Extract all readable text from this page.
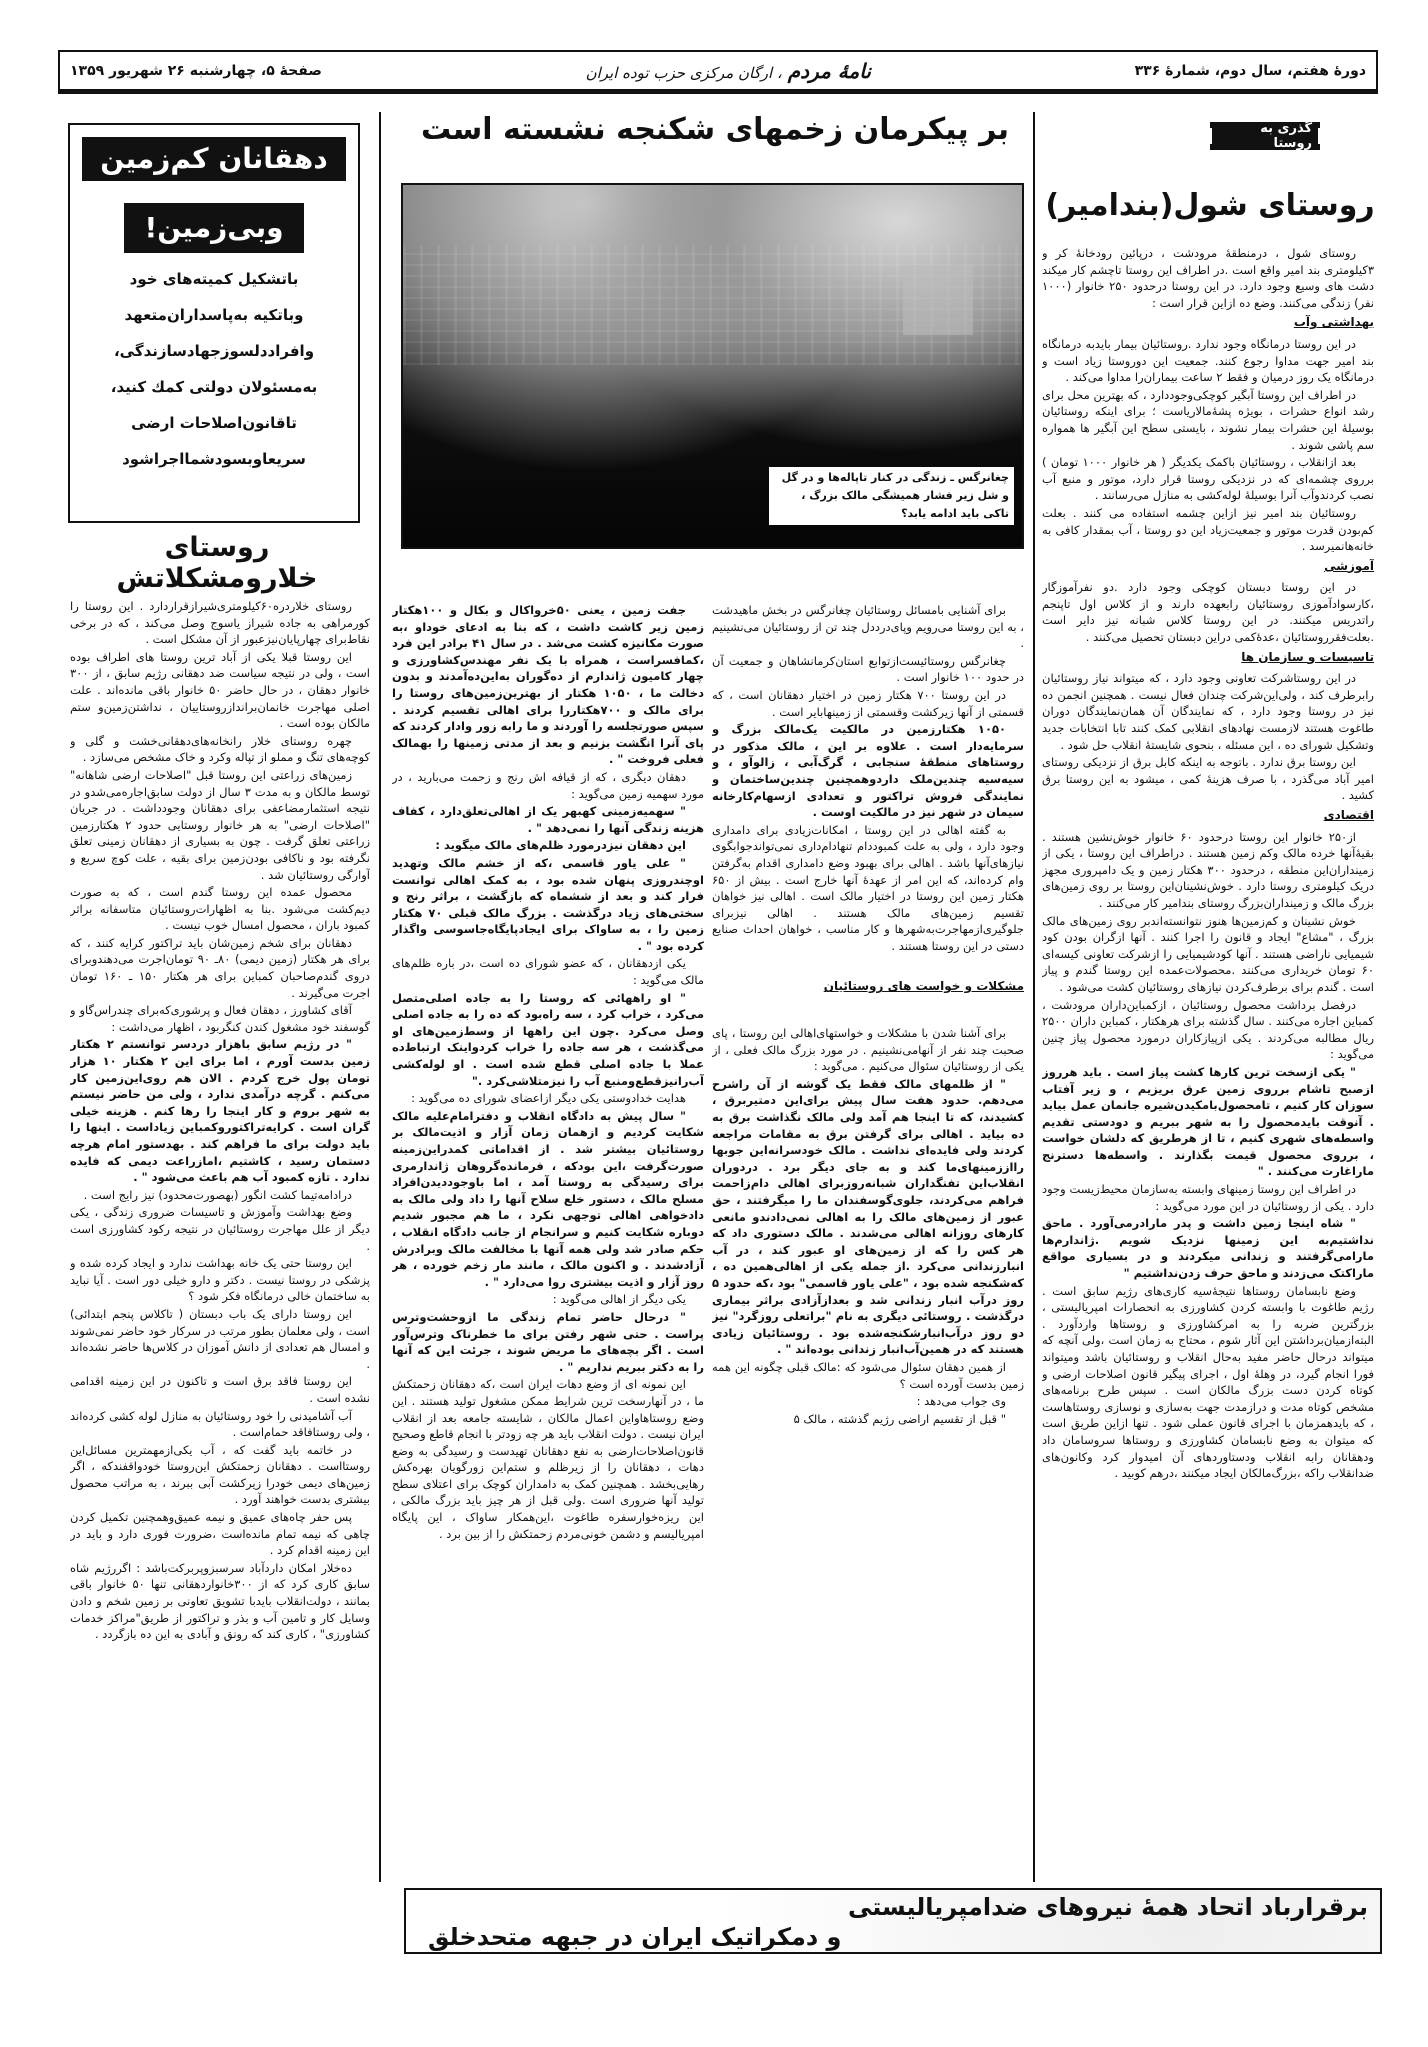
دورهٔ هفتم، سال دوم، شمارهٔ ۳۳۶
نامهٔ مردم
، ارگان مرکزی حزب توده ایران
صفحهٔ ۵، چهارشنبه ۲۶ شهریور ۱۳۵۹
گذری به روستا
روستای شول(بندامیر)

روستای شول ، درمنطقهٔ مرودشت ، درپائین رودخانهٔ کر و ۳کیلومتری بند امیر واقع است .در اطراف این روستا تاچشم کار میکند دشت های وسیع وجود دارد. در این روستا درحدود ۲۵۰ خانوار (۱۰۰۰ نفر) زندگی می‌کنند. وضع ده ازاین قرار است :

بهداشتی وآب

در این روستا درمانگاه وجود ندارد .روستائیان بیمار بایدبه درمانگاه بند امیر جهت مداوا رجوع کنند. جمعیت این دوروستا زیاد است و درمانگاه یک روز درمیان و فقط ۲ ساعت بیماران‌را مداوا می‌کند .

در اطراف این روستا آبگیر کوچکی‌وجوددارد ، که بهترین محل برای رشد انواع حشرات ، بویژه پشهٔ‌مالاریاست ؛ برای اینکه روستائیان بوسیلهٔ این حشرات بیمار نشوند ، بایستی سطح این آبگیر ها همواره سم پاشی شوند .

بعد ازانقلاب ، روستائیان باکمک یکدیگر ( هر خانوار ۱۰۰۰ تومان ) برروی چشمه‌ای که در نزدیکی روستا قرار دارد، موتور و منبع آب نصب کردندوآب آنرا بوسیلهٔ لوله‌کشی به منازل می‌رسانند .

روستائیان بند امیر نیز ازاین چشمه استفاده می کنند . بعلت کم‌بودن قدرت موتور و جمعیت‌زیاد این دو روستا ، آب بمقدار کافی به خانه‌هانمیرسد .

آموزشی

در این روستا دبستان کوچکی وجود دارد .دو نفرآموزگار ،کارسوادآموزی روستائیان رابعهده دارند و از کلاس اول تاپنجم راتدریس میکنند. در این روستا کلاس شبانه نیز دایر است .بعلت‌فقرروستائیان ،عدهٔ‌کمی دراین دبستان تحصیل می‌کنند .

تاسیسات و سازمان ها

در این روستاشرکت تعاونی وجود دارد ، که میتواند نیاز روستائیان رابرطرف کند ، ولی‌این‌شرکت چندان فعال نیست . همچنین انجمن ده نیز در روستا وجود دارد ، که نمایندگان آن همان‌نمایندگان دوران طاغوت هستند لازمست نهادهای انقلابی کمک کنند تابا انتخابات جدید وتشکیل شورای ده ، این مسئله ، بنحوی شایستهٔ انقلاب حل شود .

این روستا برق ندارد . باتوجه به اینکه کابل برق از نزدیکی روستای امیر آباد می‌گذرد ، با صرف هزینهٔ کمی ، میشود به این روستا برق کشید .

اقتصادی

از۲۵۰ خانوار این روستا درحدود ۶۰ خانوار خوش‌نشین هستند . بقیهٔ‌آنها خرده مالک وکم زمین هستند . دراطراف این روستا ، یکی از زمینداران‌این منطقه ، درحدود ۳۰۰ هکتار زمین و یک دامپروری مجهز دریک کیلومتری روستا دارد . خوش‌نشینان‌این روستا بر روی زمین‌های بزرگ مالک و زمینداران‌بزرگ روستای بندامیر کار می‌کنند .

خوش نشینان و کم‌زمین‌ها هنوز نتوانسته‌اندبر روی زمین‌های مالک بزرگ ، "مشاع" ایجاد و قانون را اجرا کنند . آنها ازگران بودن کود شیمیایی ناراضی هستند . آنها کودشیمیایی را ازشرکت تعاونی کیسه‌ای ۶۰ تومان خریداری می‌کنند .محصولات‌عمده این روستا گندم و پیاز است . گندم برای برطرف‌کردن نیازهای روستائیان کشت می‌شود .

درفصل برداشت محصول روستائیان ، ازکمباین‌داران مرودشت ، کمباین اجاره می‌کنند . سال گذشته برای هرهکتار ، کمباین داران ۲۵۰۰ ریال مطالبه می‌کردند . یکی ازپیازکاران درمورد محصول پیاز چنین می‌گوید :

" یکی ازسخت ترین کارها کشت پیاز است . باید هرروز ازصبح تاشام برروی زمین عرق بریزیم ، و زیر آفتاب سوزان کار کنیم ، تامحصول‌بامکیدن‌شیره جانمان عمل بیاید . آنوقت بایدمحصول را به شهر ببریم و دودستی تقدیم واسطه‌های شهری کنیم ، تا از هرطریق که دلشان خواست ، برروی محصول قیمت بگذارند . واسطه‌ها دسترنج ماراغارت می‌کنند . "

در اطراف این روستا زمینهای وابسته به‌سازمان محیط‌زیست وجود دارد . یکی از روستائیان در این مورد می‌گوید :

" شاه اینجا زمین داشت و پدر مارادرمی‌آورد . ماحق نداشتیم‌به این زمینها نزدیک شویم .ژاندارم‌ها مارامی‌گرفتند و زندانی میکردند و در بسیاری مواقع ماراکتک می‌زدند و ماحق حرف زدن‌نداشتیم "

وضع نابسامان روستاها نتیجهٔ‌سیه کاری‌های رژیم سابق است . رژیم طاغوت با وابسته کردن کشاورزی به انحصارات امپریالیستی ، بزرگترین ضربه را به امرکشاورزی و روستاها واردآورد . البته‌ازمیان‌برداشتن این آثار شوم ، محتاج به زمان است ،ولی آنچه که میتواند درحال حاضر مفید به‌حال انقلاب و روستائیان باشد ومیتواند فورا انجام گیرد، در وهلهٔ اول ، اجرای پیگیر قانون اصلاحات ارضی و کوتاه کردن دست بزرگ مالکان است . سپس طرح برنامه‌های مشخص کوتاه مدت و درازمدت جهت به‌سازی و نوسازی روستاهاست ، که بایدهمزمان با اجرای قانون عملی شود . تنها ازاین طریق است که میتوان به وضع نابسامان کشاورزی و روستاها سروسامان داد ودهقانان رابه انقلاب ودستاوردهای آن امیدوار کرد وکانون‌های ضدانقلاب راکه ،بزرگ‌مالکان ایجاد میکنند ،درهم کوبید .

بر پیکرمان زخمهای شکنجه نشسته است
چغانرگس ـ زندگی در کنار تاپاله‌ها و در گل و شل زیر فشار همیشگی مالک بزرگ ، تاکی باید ادامه یابد؟

برای آشنایی بامسائل روستائیان چغانرگس در بخش ماهیدشت ، به این روستا می‌رویم وپای‌درد‌دل چند تن از روستائیان می‌نشینیم .

چغانرگس روستائیست‌ازتوابع استان‌کرمانشاهان و جمعیت آن در حدود ۱۰۰ خانوار است .

در این روستا ۷۰۰ هکتار زمین در اختیار دهقانان است ، که قسمتی از آنها زیرکشت وقسمتی از زمینهابایر است .

۱۰۵۰ هکتارزمین در مالکیت یک‌مالک بزرگ و سرمایه‌دار است . علاوه بر این ، مالک مذکور در روستاهای منطقهٔ سنجابی ، گرگ‌آبی ، زالوآو ، و سیه‌سیه چندین‌ملک داردوهمچنین چندین‌ساختمان و نمایندگی فروش تراکتور و تعدادی ازسهام‌کارخانه سیمان در شهر نیز در مالکیت اوست .

به گفته اهالی در این روستا ، امکانات‌زیادی برای دامداری وجود دارد ، ولی به علت کمبوددام تنهادام‌داری نمی‌تواندجوابگوی نیازهای‌آنها باشد . اهالی برای بهبود وضع دامداری اقدام به‌گرفتن وام کرده‌اند، که این امر از عهدهٔ آنها خارج است . بیش از ۶۵۰ هکتار زمین این روستا در اختیار مالک است . اهالی نیز خواهان تقسیم زمین‌های مالک هستند . اهالی نیزبرای جلوگیری‌ازمهاجرت‌به‌شهرها و کار مناسب ، خواهان احداث صنایع دستی در این روستا هستند .

مشکلات و خواست های روستائیان

برای آشنا شدن با مشکلات و خواستهای‌اهالی این روستا ، پای صحبت چند نفر از آنهامی‌نشینیم . در مورد بزرگ مالک فعلی ، از یکی از روستائیان سئوال می‌کنیم . می‌گوید :

" از ظلمهای مالک فقط یک گوشه از آن راشرح می‌دهم. حدود هفت سال پیش برای‌این دمتیربرق ، کشیدند، که تا اینجا هم آمد ولی مالک نگذاشت برق به ده بیاید . اهالی برای گرفتن برق به مقامات مراجعه کردند ولی فایده‌ای نداشت . مالک خودسرانه‌این جوبها رااززمینهای‌ما کند و به جای دیگر برد . دردوران انقلاب‌این تفنگداران شبانه‌روزبرای اهالی دام‌زاحمت فراهم می‌کردند، جلوی‌گوسفندان ما را میگرفتند ، حق عبور از زمین‌های مالک را به اهالی نمی‌دادندو مانعی کارهای روزانه اهالی می‌شدند . مالک دستوری داد که هر کس را که از زمین‌های او عبور کند ، در آب انبارزندانی می‌کرد .از جمله یکی از اهالی‌همین ده ، که‌شکنجه شده بود ، "علی یاور قاسمی" بود ،که حدود ۵ روز درآب انبار زندانی شد و بعدازآزادی براثر بیماری درگذشت . روستائی دیگری به نام "براتعلی روزگرد" نیز دو روز درآب‌انبارشکنجه‌شده بود . روستائیان زیادی هستند که در همین‌آب‌انبار زندانی بوده‌اند " .

از همین دهقان سئوال می‌شود که :مالک قبلی چگونه این همه زمین بدست آورده است ؟

وی جواب می‌دهد :

" قبل از تقسیم اراضی رژیم گذشته ، مالک ۵

جفت زمین ، یعنی ۵۰خرواکال و بکال و ۱۰۰هکتار زمین زیر کاشت داشت ، که بنا به ادعای خوداو ،به صورت مکانیزه کشت می‌شد . در سال ۴۱ برادر این فرد ،کمافسراست ، همراه با یک نفر مهندس‌کشاورزی و چهار کامیون ژاندارم از ده‌گوران به‌این‌ده‌آمدند و بدون دخالت ما ، ۱۰۵۰ هکتار از بهترین‌زمین‌های روستا را برای مالک و ۷۰۰هکتاررا برای اهالی تقسیم کردند . سپس صورتجلسه را آوردند و ما رابه زور وادار کردند که پای آنرا انگشت بزنیم و بعد از مدتی زمینها را بهمالک فعلی فروخت " .

دهقان دیگری ، که از قیافه اش رنج و زحمت می‌بارید ، در مورد سهمیه زمین می‌گوید :

" سهمیه‌زمینی کهبهر یک از اهالی‌تعلق‌دارد ، کفاف هزینه زندگی آنها را نمی‌دهد " .

این دهقان نیزدرمورد ظلم‌های مالک میگوید :

" علی یاور قاسمی ،که از خشم مالک وتهدید اوچندروزی پنهان شده بود ، به کمک اهالی توانست فرار کند و بعد از ششماه که بازگشت ، براثر رنج و سختی‌های زیاد درگذشت . بزرگ مالک قبلی ۷۰ هکتار زمین را ، به ساواک برای ایجادپایگاه‌جاسوسی واگذار کرده بود " .

یکی ازدهقانان ، که عضو شورای ده است ،در باره ظلم‌های مالک می‌گوید :

" او راههائی که روستا را به جاده اصلی‌متصل می‌کرد ، خراب کرد ، سه راه‌بود که ده را به جاده اصلی وصل می‌کرد .چون این راهها از وسط‌زمین‌های او می‌گذشت ، هر سه جاده را خراب کردواینک ارتباط‌ده عملا با جاده اصلی قطع شده است . او لوله‌کشی آب‌رانیزقطع‌ومنبع آب را نیزمتلاشی‌کرد ."

هدایت خدادوستی یکی دیگر ازاعضای شورای ده می‌گوید :

" سال پیش به دادگاه انقلاب و دفترامام‌علیه مالک شکایت کردیم و ازهمان زمان آزار و اذیت‌مالک بر روستائیان بیشتر شد . از اقداماتی کمدراین‌زمینه صورت‌گرفت ،این بودکه ، فرمانده‌گروهان ژاندارمری برای رسیدگی به روستا آمد ، اما باوجوددیدن‌افراد مسلح مالک ، دستور خلع سلاح آنها را داد ولی مالک به دادخواهی اهالی توجهی نکرد ، ما هم مجبور شدیم دوباره شکایت کنیم و سرانجام از جانب دادگاه انقلاب ، حکم صادر شد ولی همه آنها با مخالفت مالک وبرادرش آزادشدند . و اکنون مالک ، مانند مار زخم خورده ، هر روز آزار و اذیت بیشتری روا می‌دارد " .

یکی دیگر از اهالی می‌گوید :

" درحال حاضر تمام زندگی ما ازوحشت‌وترس پراست . حتی شهر رفتن برای ما خطرناک وترس‌آور است . اگر بچه‌های ما مریض شوند ، جرئت این که آنها را به دکتر ببریم نداریم " .

این نمونه ای از وضع دهات ایران است ،که دهقانان زحمتکش ما ، در آنهارسخت ترین شرایط ممکن مشغول تولید هستند . این وضع روستاهاواین اعمال مالکان ، شایسته جامعه بعد از انقلاب ایران نیست . دولت انقلاب باید هر چه زودتر با انجام قاطع وصحیح قانون‌اصلاحات‌ارضی به نفع دهقانان تهیدست و رسیدگی به وضع دهات ، دهقانان را از زیرظلم و ستم‌این زورگویان بهره‌کش رهایی‌بخشد . همچنین کمک به دامداران کوچک برای اعتلای سطح تولید آنها ضروری است .ولی قبل از هر چیز باید بزرگ مالکی ، این ریزه‌خوارسفره طاغوت ،این‌همکار ساواک ، این پایگاه امپریالیسم و دشمن خونی‌مردم زحمتکش را از بین برد .

دهقانان کم‌زمین
وبی‌زمین!
باتشکیل کمیته‌های خود
وباتکیه به‌پاسداران‌متعهد
وافراددلسوزجهادسازندگی،
به‌مسئولان دولتی کمك کنید،
تاقانون‌اصلاحات ارضی
سریعاوبسودشمااجراشود
روستای خلارومشکلاتش

روستای خلاردره۶۰کیلومتری‌شیرازقراردارد . این روستا را کورمراهی به جاده شیراز یاسوج وصل می‌کند ، که در برخی نقاط‌برای چهارپایان‌نیزعبور از آن مشکل است .

این روستا قبلا یکی از آباد ترین روستا های اطراف بوده است ، ولی در نتیجه سیاست ضد دهقانی رژیم سابق ، از ۳۰۰ خانوار دهقان ، در حال حاضر ۵۰ خانوار باقی مانده‌اند . علت اصلی مهاجرت خانمان‌برانداز‌روستاییان ، نداشتن‌زمین‌و ستم مالکان بوده است .

چهره روستای خلار رانخانه‌های‌دهقانی‌خشت و گلی و کوچه‌های تنگ و مملو از تپاله وکرد و خاک مشخص می‌سازد .

زمین‌های زراعتی این روستا قبل "اصلاحات ارضی شاهانه" توسط مالکان و به مدت ۳ سال از دولت سابق‌اجاره‌می‌شدو در نتیجه استثمارمضاعفی برای دهقانان وجودداشت . در جریان "اصلاحات ارضی" به هر خانوار روستایی حدود ۲ هکتارزمین زراعتی تعلق گرفت . چون به بسیاری از دهقانان زمینی تعلق نگرفته بود و ناکافی بودن‌زمین برای بقیه ، علت کوچ سریع و آوارگی روستائیان شد .

محصول عمده این روستا گندم است ، که به صورت دیم‌کشت می‌شود .بنا به اظهارات‌روستائیان متاسفانه براثر کمبود باران ، محصول امسال خوب نیست .

دهقانان برای شخم زمین‌شان باید تراکتور کرایه کنند ، که برای هر هکتار (زمین دیمی) ۸۰ـ ۹۰ تومان‌اجرت می‌دهندوبرای دروی گندم‌صاحبان کمباین برای هر هکتار ۱۵۰ ـ ۱۶۰ تومان اجرت می‌گیرند .

آقای کشاورز ، دهقان فعال و پرشوری‌که‌برای چندراس‌گاو و گوسفند خود مشغول کندن کنگربود ، اظهار می‌داشت :

" در رژیم سابق باهزار دردسر توانستم ۲ هکتار زمین بدست آورم ، اما برای این ۲ هکتار ۱۰ هزار تومان پول خرج کردم . الان هم روی‌این‌زمین کار می‌کنم . گرچه درآمدی ندارد ، ولی من حاضر نیستم به شهر بروم و کار اینجا را رها کنم . هزینه خیلی گران است . کرایه‌تراکتوروکمباین زیاداست . اینها را باید دولت برای ما فراهم کند . بهدستور امام هرچه دستمان رسید ، کاشتیم ،امازراعت دیمی که فایده ندارد . تازه کمبود آب هم باعث می‌شود " .

درادامه‌تیما کشت انگور (بهصورت‌محدود) نیز رایج است .

وضع بهداشت وآموزش و تاسیسات ضروری زندگی ، یکی دیگر از علل مهاجرت روستائیان در نتیجه رکود کشاورزی است .

این روستا حتی یک خانه بهداشت ندارد و ایجاد کرده شده و پزشکی در روستا نیست . دکتر و دارو خیلی دور است . آیا نباید به ساختمان خالی درمانگاه فکر شود ؟

این روستا دارای یک باب دبستان ( تاکلاس پنجم ابتدائی) است ، ولی معلمان بطور مرتب در سرکار خود حاضر نمی‌شوند و امسال هم تعدادی از دانش آموزان در کلاس‌ها حاضر نشده‌اند .

این روستا فاقد برق است و تاکنون در این زمینه اقدامی نشده است .

آب آشامیدنی را خود روستائیان به منازل لوله کشی کرده‌اند ، ولی روستافاقد حمام‌است .

در خاتمه باید گفت که ، آب یکی‌ازمهمترین مسائل‌این روستااست . دهقانان زحمتکش این‌روستا خودواقفندکه ، اگر زمین‌های دیمی خودرا زیرکشت آبی ببرند ، به مراتب محصول بیشتری بدست خواهند آورد .

پس حفر چاه‌های عمیق و نیمه عمیق‌وهمچنین تکمیل کردن چاهی که نیمه تمام مانده‌است ،ضرورت فوری دارد و باید در این زمینه اقدام کرد .

ده‌خلار امکان داردآباد سرسبزوپربرکت‌باشد : اگررژیم شاه سابق کاری کرد که از ۳۰۰خانواردهقانی تنها ۵۰ خانوار باقی بمانند ، دولت‌انقلاب بایدبا تشویق تعاونی بر زمین شخم و دادن وسایل کار و تامین آب و بذر و تراکتور از طریق‌"مراکز خدمات کشاورزی" ، کاری کند که رونق و آبادی به این ده بازگردد .

برقرارباد اتحاد همهٔ نیروهای ضدامپریالیستی
و دمکراتیک ایران در جبهه متحدخلق
